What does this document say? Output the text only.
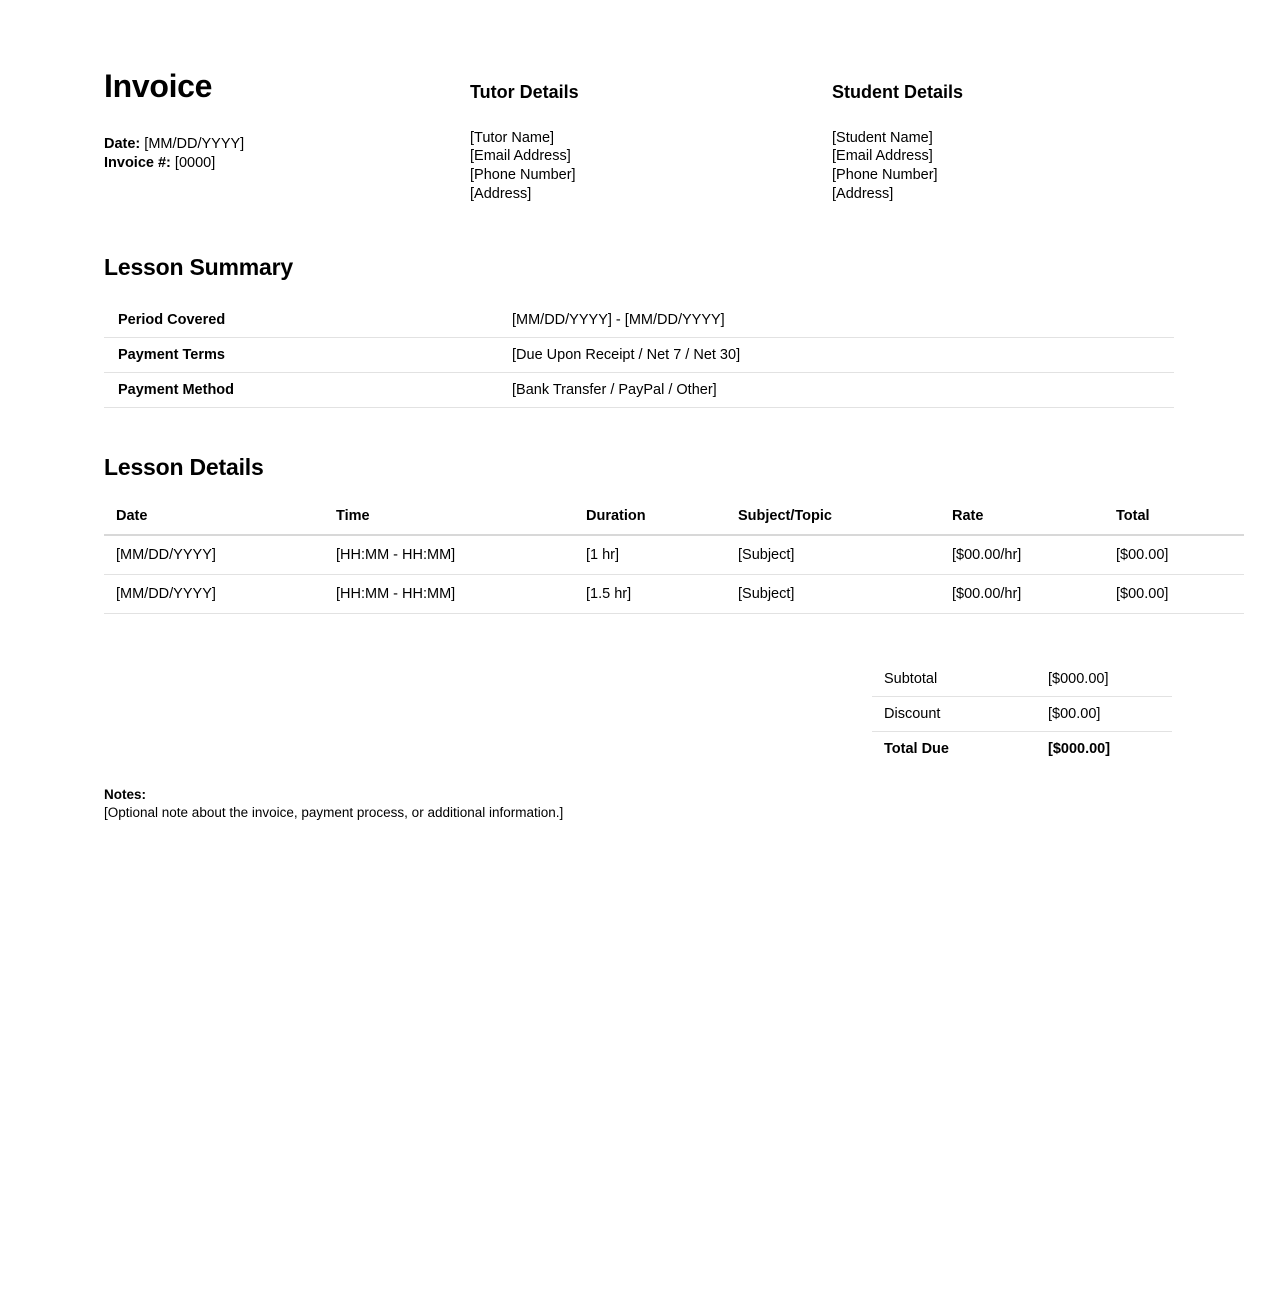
Invoice
Date: [MM/DD/YYYY]
Invoice #: [0000]
Tutor Details
[Tutor Name]
[Email Address]
[Phone Number]
[Address]
Student Details
[Student Name]
[Email Address]
[Phone Number]
[Address]
Lesson Summary
Period Covered	[MM/DD/YYYY] - [MM/DD/YYYY]
Payment Terms	[Due Upon Receipt / Net 7 / Net 30]
Payment Method	[Bank Transfer / PayPal / Other]
Lesson Details
Date	Time	Duration	Subject/Topic	Rate	Total
[MM/DD/YYYY]	[HH:MM - HH:MM]	[1 hr]	[Subject]	[$00.00/hr]	[$00.00]
[MM/DD/YYYY]	[HH:MM - HH:MM]	[1.5 hr]	[Subject]	[$00.00/hr]	[$00.00]
Subtotal	[$000.00]
Discount	[$00.00]
Total Due	[$000.00]
Notes:
[Optional note about the invoice, payment process, or additional information.]
